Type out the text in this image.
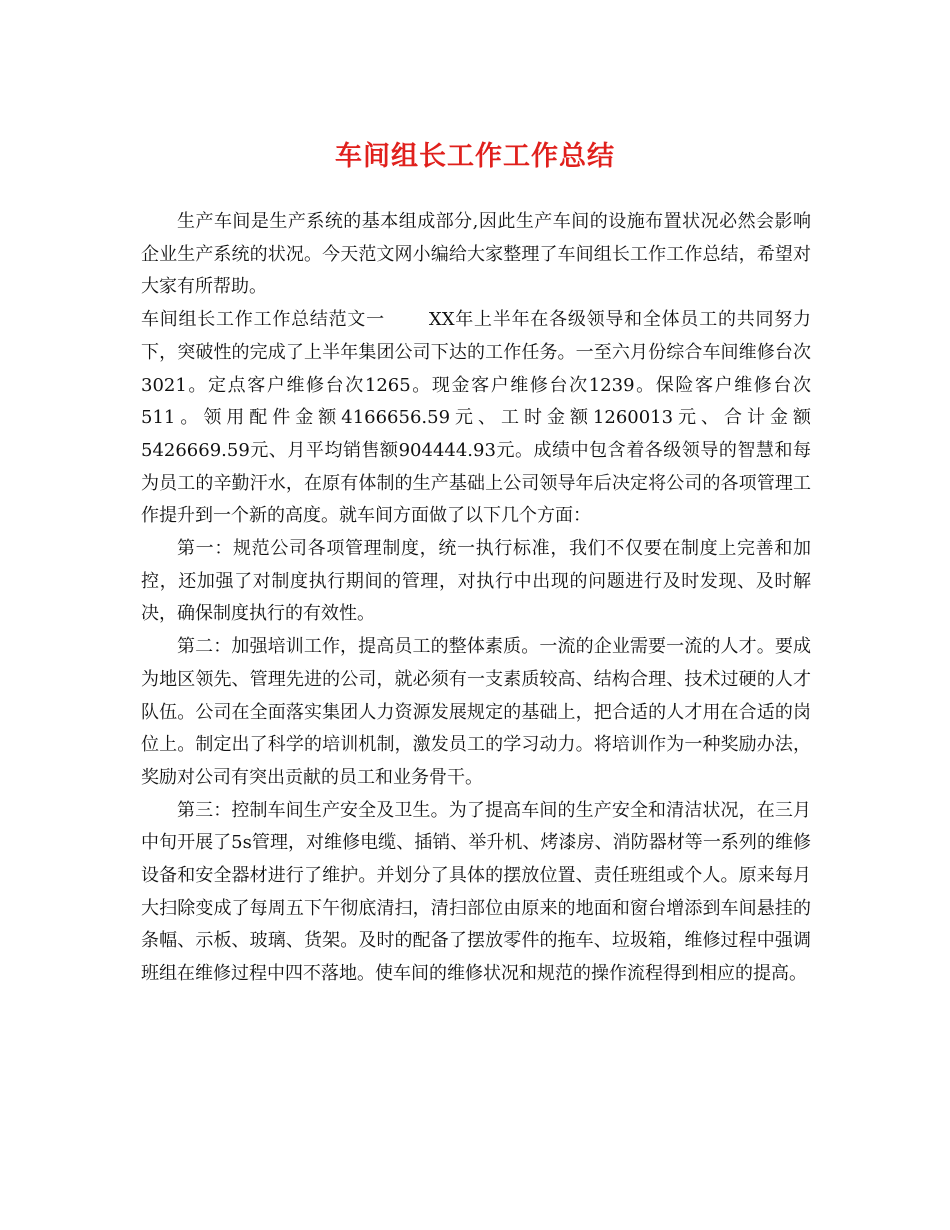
车间组长工作工作总结

生产车间是生产系统的基本组成部分,因此生产车间的设施布置状况必然会影响企业生产系统的状况。今天范文网小编给大家整理了车间组长工作工作总结，希望对大家有所帮助。

车间组长工作工作总结范文一 XX年上半年在各级领导和全体员工的共同努力下，突破性的完成了上半年集团公司下达的工作任务。一至六月份综合车间维修台次3021。定点客户维修台次1265。现金客户维修台次1239。保险客户维修台次511。领用配件金额4166656.59元、工时金额1260013元、合计金额5426669.59元、月平均销售额904444.93元。成绩中包含着各级领导的智慧和每为员工的辛勤汗水，在原有体制的生产基础上公司领导年后决定将公司的各项管理工作提升到一个新的高度。就车间方面做了以下几个方面：

第一：规范公司各项管理制度，统一执行标准，我们不仅要在制度上完善和加控，还加强了对制度执行期间的管理，对执行中出现的问题进行及时发现、及时解决，确保制度执行的有效性。

第二：加强培训工作，提高员工的整体素质。一流的企业需要一流的人才。要成为地区领先、管理先进的公司，就必须有一支素质较高、结构合理、技术过硬的人才队伍。公司在全面落实集团人力资源发展规定的基础上，把合适的人才用在合适的岗位上。制定出了科学的培训机制，激发员工的学习动力。将培训作为一种奖励办法，奖励对公司有突出贡献的员工和业务骨干。

第三：控制车间生产安全及卫生。为了提高车间的生产安全和清洁状况，在三月中旬开展了5s管理，对维修电缆、插销、举升机、烤漆房、消防器材等一系列的维修设备和安全器材进行了维护。并划分了具体的摆放位置、责任班组或个人。原来每月大扫除变成了每周五下午彻底清扫，清扫部位由原来的地面和窗台增添到车间悬挂的条幅、示板、玻璃、货架。及时的配备了摆放零件的拖车、垃圾箱，维修过程中强调班组在维修过程中四不落地。使车间的维修状况和规范的操作流程得到相应的提高。
